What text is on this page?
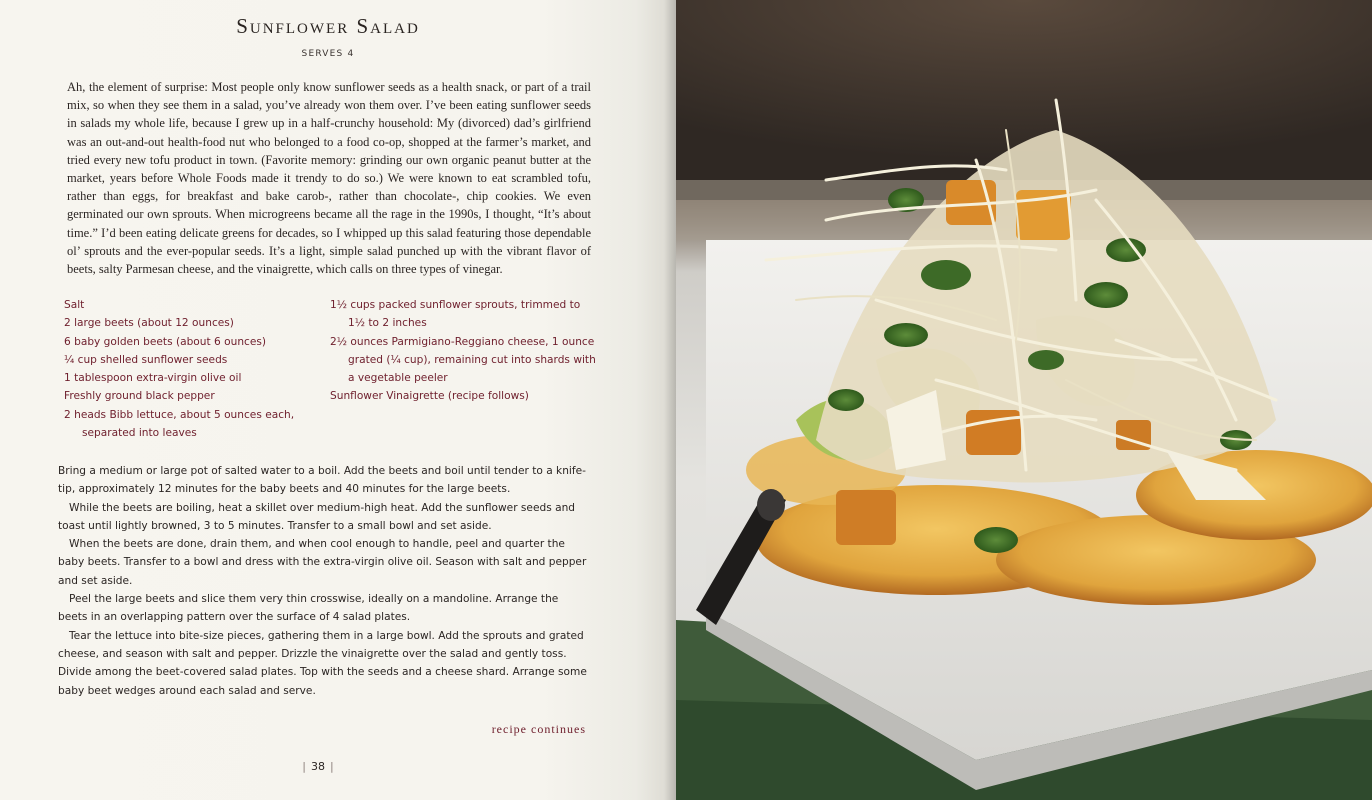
Sunflower Salad
SERVES 4
Ah, the element of surprise: Most people only know sunflower seeds as a health snack, or part of a trail mix, so when they see them in a salad, you’ve already won them over. I’ve been eating sunflower seeds in salads my whole life, because I grew up in a half-crunchy household: My (divorced) dad’s girlfriend was an out-and-out health-food nut who belonged to a food co-op, shopped at the farmer’s market, and tried every new tofu product in town. (Favorite memory: grinding our own organic peanut butter at the market, years before Whole Foods made it trendy to do so.) We were known to eat scrambled tofu, rather than eggs, for breakfast and bake carob-, rather than chocolate-, chip cookies. We even germinated our own sprouts. When microgreens became all the rage in the 1990s, I thought, “It’s about time.” I’d been eating delicate greens for decades, so I whipped up this salad featuring those dependable ol’ sprouts and the ever-popular seeds. It’s a light, simple salad punched up with the vibrant flavor of beets, salty Parmesan cheese, and the vinaigrette, which calls on three types of vinegar.
Salt
2 large beets (about 12 ounces)
6 baby golden beets (about 6 ounces)
¼ cup shelled sunflower seeds
1 tablespoon extra-virgin olive oil
Freshly ground black pepper
2 heads Bibb lettuce, about 5 ounces each, separated into leaves
1½ cups packed sunflower sprouts, trimmed to 1½ to 2 inches
2½ ounces Parmigiano-Reggiano cheese, 1 ounce grated (¼ cup), remaining cut into shards with a vegetable peeler
Sunflower Vinaigrette (recipe follows)

Bring a medium or large pot of salted water to a boil. Add the beets and boil until tender to a knife-tip, approximately 12 minutes for the baby beets and 40 minutes for the large beets.

While the beets are boiling, heat a skillet over medium-high heat. Add the sunflower seeds and toast until lightly browned, 3 to 5 minutes. Transfer to a small bowl and set aside.

When the beets are done, drain them, and when cool enough to handle, peel and quarter the baby beets. Transfer to a bowl and dress with the extra-virgin olive oil. Season with salt and pepper and set aside.

Peel the large beets and slice them very thin crosswise, ideally on a mandoline. Arrange the beets in an overlapping pattern over the surface of 4 salad plates.

Tear the lettuce into bite-size pieces, gathering them in a large bowl. Add the sprouts and grated cheese, and season with salt and pepper. Drizzle the vinaigrette over the salad and gently toss. Divide among the beet-covered salad plates. Top with the seeds and a cheese shard. Arrange some baby beet wedges around each salad and serve.

recipe continues
| 38 |
